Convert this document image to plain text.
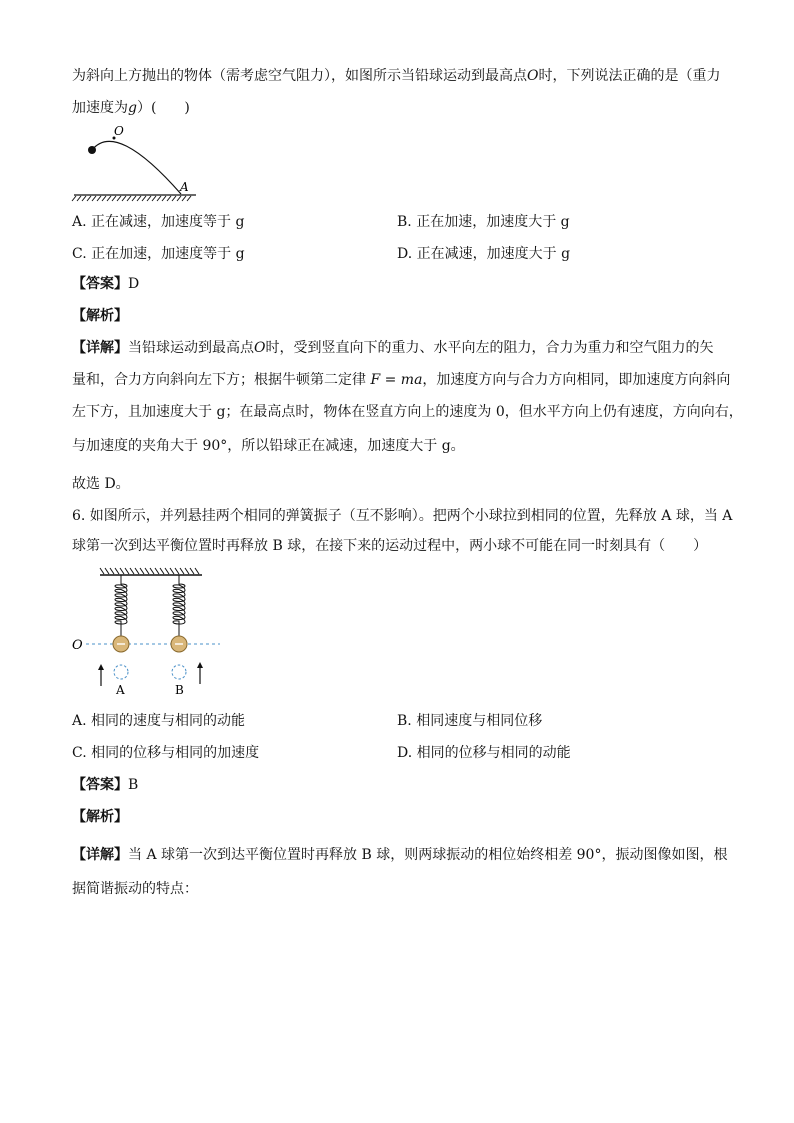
为斜向上方抛出的物体（需考虑空气阻力），如图所示当铅球运动到最高点O时，下列说法正确的是（重力
加速度为g）(　　)
O
A
A. 正在减速，加速度等于 g	B. 正在加速，加速度大于 g
C. 正在加速，加速度等于 g	D. 正在减速，加速度大于 g
【答案】D
【解析】
【详解】当铅球运动到最高点O时，受到竖直向下的重力、水平向左的阻力，合力为重力和空气阻力的矢
量和，合力方向斜向左下方；根据牛顿第二定律 F = ma，加速度方向与合力方向相同，即加速度方向斜向
左下方，且加速度大于 g；在最高点时，物体在竖直方向上的速度为 0，但水平方向上仍有速度，方向向右，
与加速度的夹角大于 90°，所以铅球正在减速，加速度大于 g。
故选 D。
6. 如图所示，并列悬挂两个相同的弹簧振子（互不影响）。把两个小球拉到相同的位置，先释放 A 球，当 A
球第一次到达平衡位置时再释放 B 球，在接下来的运动过程中，两小球不可能在同一时刻具有（　　）
O
A	B
A. 相同的速度与相同的动能	B. 相同速度与相同位移
C. 相同的位移与相同的加速度	D. 相同的位移与相同的动能
【答案】B
【解析】
【详解】当 A 球第一次到达平衡位置时再释放 B 球，则两球振动的相位始终相差 90°，振动图像如图，根
据简谐振动的特点：
